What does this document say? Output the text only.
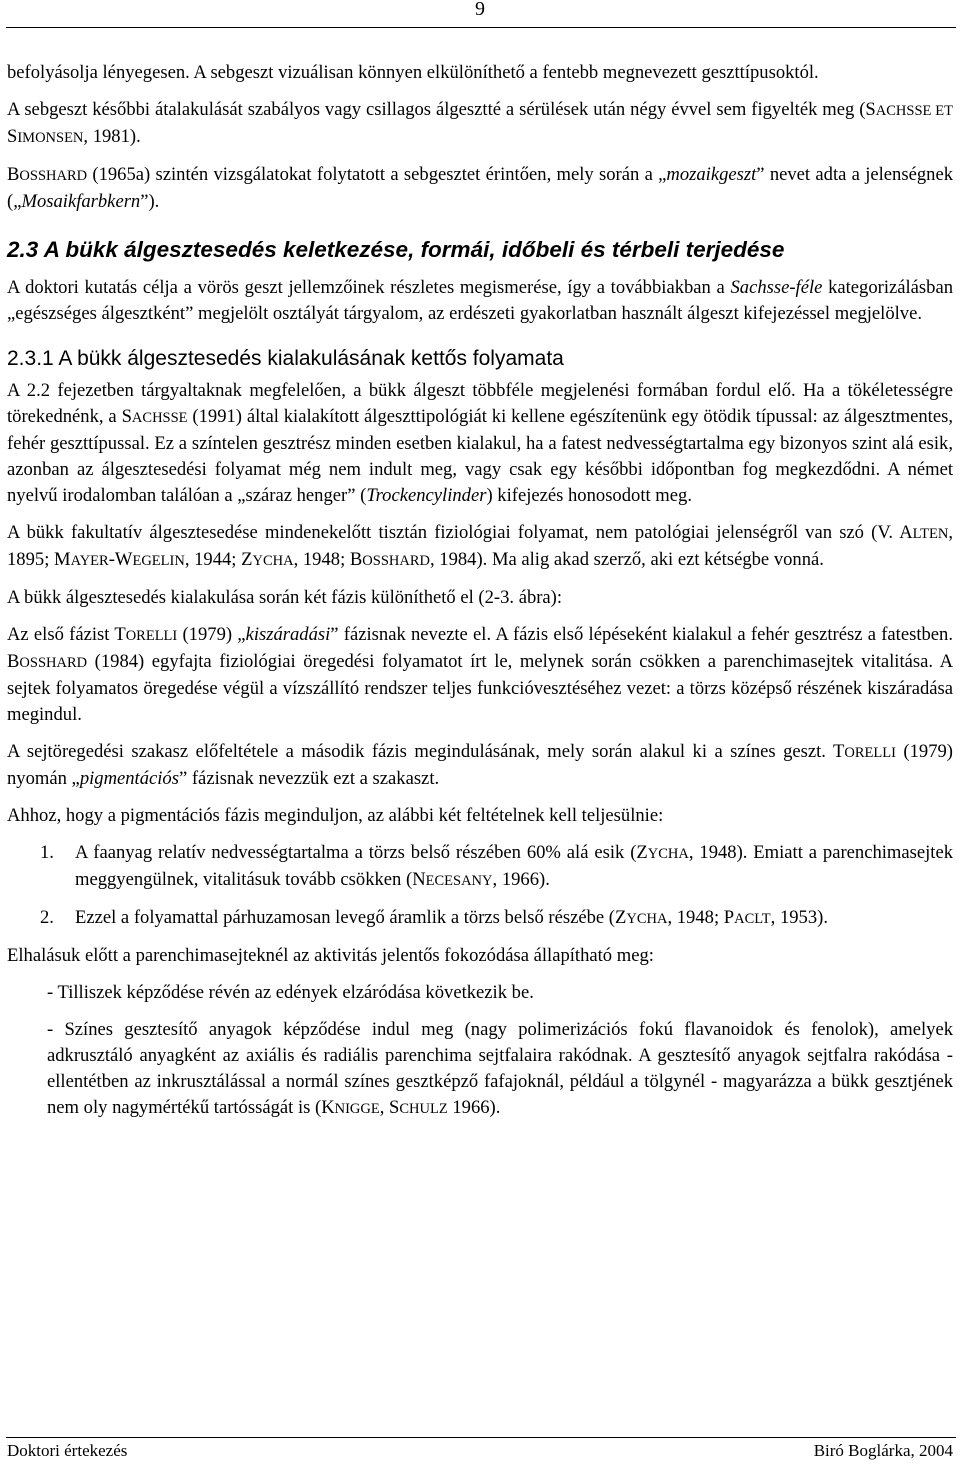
9

befolyásolja lényegesen. A sebgeszt vizuálisan könnyen elkülöníthető a fentebb megnevezett geszttípusoktól.

A sebgeszt későbbi átalakulását szabályos vagy csillagos álgesztté a sérülések után négy évvel sem figyelték meg (SACHSSE ET SIMONSEN, 1981).

BOSSHARD (1965a) szintén vizsgálatokat folytatott a sebgesztet érintően, mely során a „mozaikgeszt” nevet adta a jelenségnek („Mosaikfarbkern”).

2.3 A bükk álgesztesedés keletkezése, formái, időbeli és térbeli terjedése

A doktori kutatás célja a vörös geszt jellemzőinek részletes megismerése, így a továbbiakban a Sachsse-féle kategorizálásban „egészséges álgesztként” megjelölt osztályát tárgyalom, az erdészeti gyakorlatban használt álgeszt kifejezéssel megjelölve.

2.3.1 A bükk álgesztesedés kialakulásának kettős folyamata

A 2.2 fejezetben tárgyaltaknak megfelelően, a bükk álgeszt többféle megjelenési formában fordul elő. Ha a tökéletességre törekednénk, a SACHSSE (1991) által kialakított álgeszttipológiát ki kellene egészítenünk egy ötödik típussal: az álgesztmentes, fehér geszttípussal. Ez a színtelen gesztrész minden esetben kialakul, ha a fatest nedvességtartalma egy bizonyos szint alá esik, azonban az álgesztesedési folyamat még nem indult meg, vagy csak egy későbbi időpontban fog megkezdődni. A német nyelvű irodalomban találóan a „száraz henger” (Trockencylinder) kifejezés honosodott meg.

A bükk fakultatív álgesztesedése mindenekelőtt tisztán fiziológiai folyamat, nem patológiai jelenségről van szó (V. ALTEN, 1895; MAYER-WEGELIN, 1944; ZYCHA, 1948; BOSSHARD, 1984). Ma alig akad szerző, aki ezt kétségbe vonná.

A bükk álgesztesedés kialakulása során két fázis különíthető el (2-3. ábra):

Az első fázist TORELLI (1979) „kiszáradási” fázisnak nevezte el. A fázis első lépéseként kialakul a fehér gesztrész a fatestben. BOSSHARD (1984) egyfajta fiziológiai öregedési folyamatot írt le, melynek során csökken a parenchimasejtek vitalitása. A sejtek folyamatos öregedése végül a vízszállító rendszer teljes funkcióvesztéséhez vezet: a törzs középső részének kiszáradása megindul.

A sejtöregedési szakasz előfeltétele a második fázis megindulásának, mely során alakul ki a színes geszt. TORELLI (1979) nyomán „pigmentációs” fázisnak nevezzük ezt a szakaszt.

Ahhoz, hogy a pigmentációs fázis meginduljon, az alábbi két feltételnek kell teljesülnie:

1.	A faanyag relatív nedvességtartalma a törzs belső részében 60% alá esik (ZYCHA, 1948). Emiatt a parenchimasejtek meggyengülnek, vitalitásuk tovább csökken (NECESANY, 1966).
2.	Ezzel a folyamattal párhuzamosan levegő áramlik a törzs belső részébe (ZYCHA, 1948; PACLT, 1953).

Elhalásuk előtt a parenchimasejteknél az aktivitás jelentős fokozódása állapítható meg:

- Tilliszek képződése révén az edények elzáródása következik be.

- Színes gesztesítő anyagok képződése indul meg (nagy polimerizációs fokú flavanoidok és fenolok), amelyek adkrusztáló anyagként az axiális és radiális parenchima sejtfalaira rakódnak. A gesztesítő anyagok sejtfalra rakódása - ellentétben az inkrusztálással a normál színes gesztképző fafajoknál, például a tölgynél - magyarázza a bükk gesztjének nem oly nagymértékű tartósságát is (KNIGGE, SCHULZ 1966).

Doktori értekezés	Biró Boglárka, 2004
